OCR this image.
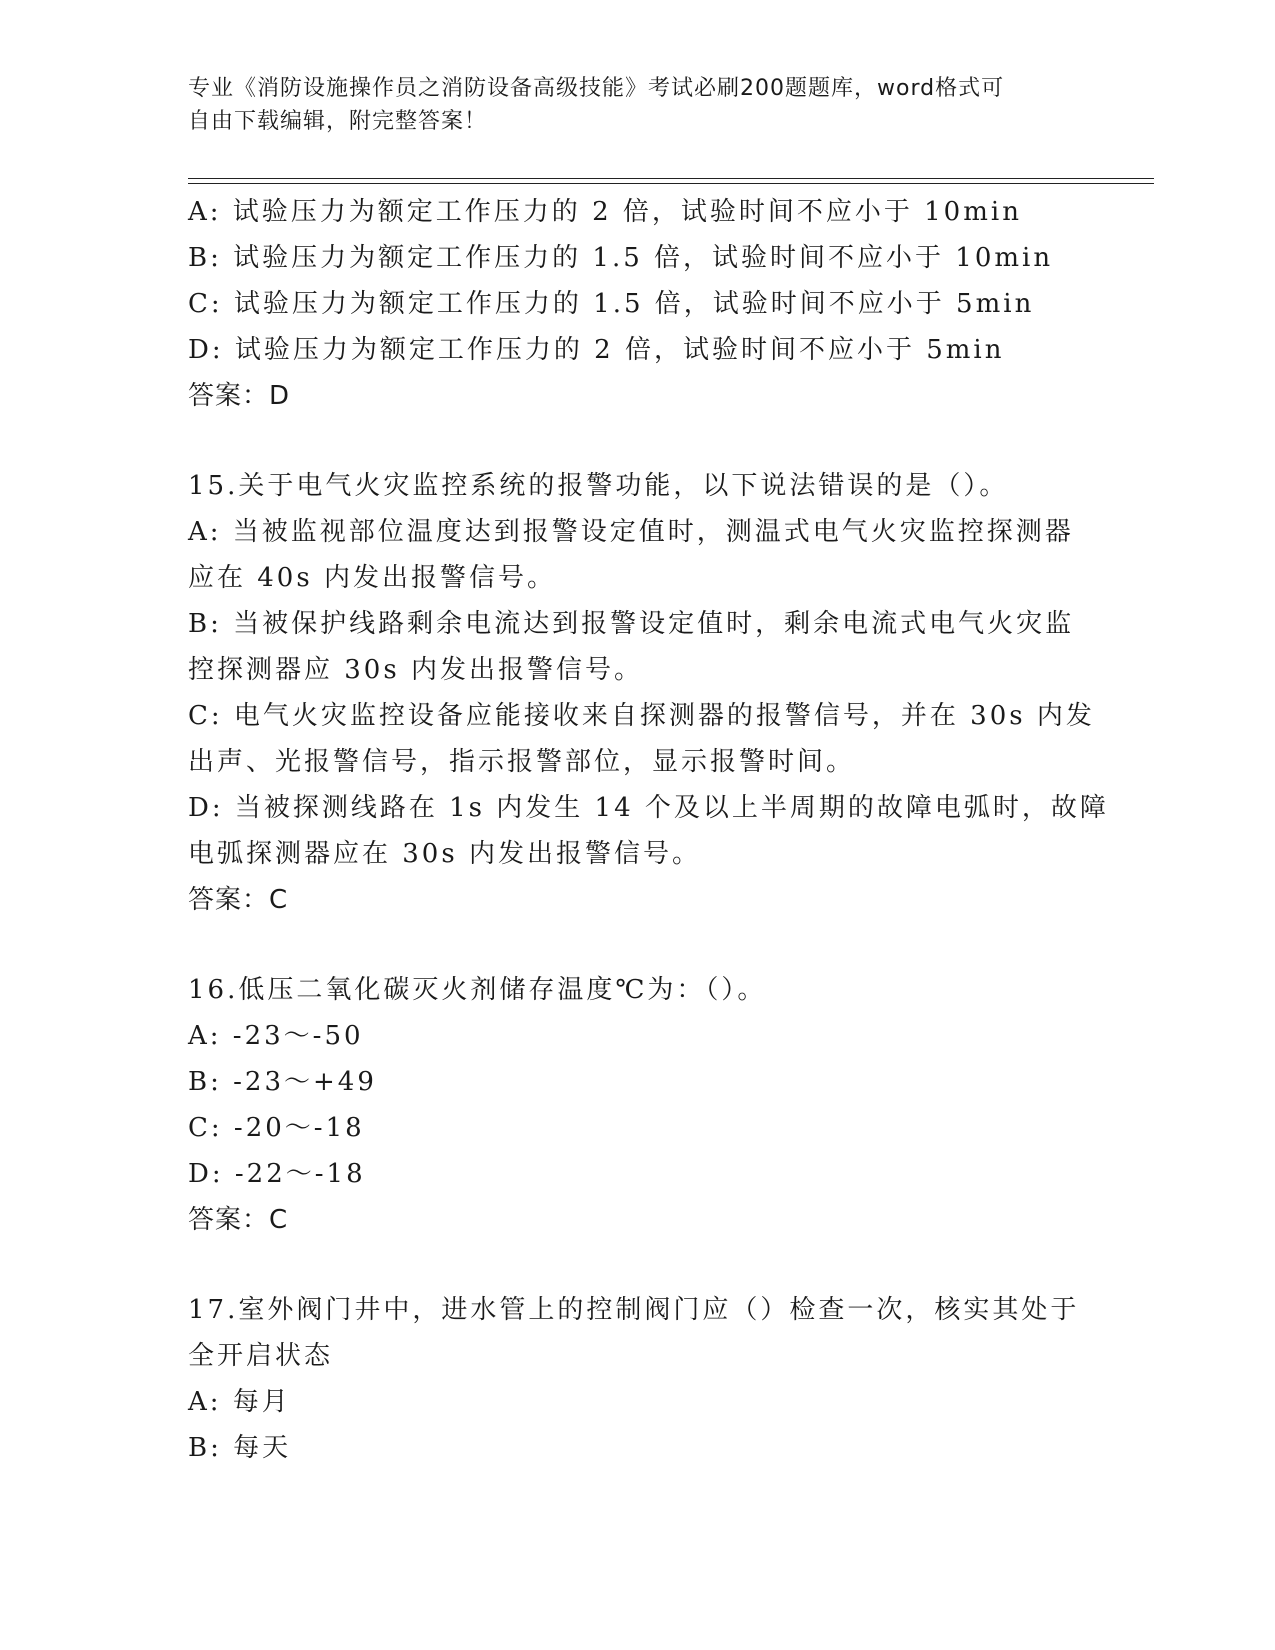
专业《消防设施操作员之消防设备高级技能》考试必刷200题题库，word格式可
自由下载编辑，附完整答案！

A: 试验压力为额定工作压力的 2 倍，试验时间不应小于 10min

B: 试验压力为额定工作压力的 1.5 倍，试验时间不应小于 10min

C: 试验压力为额定工作压力的 1.5 倍，试验时间不应小于 5min

D: 试验压力为额定工作压力的 2 倍，试验时间不应小于 5min

答案：D

15.关于电气火灾监控系统的报警功能，以下说法错误的是（）。

A: 当被监视部位温度达到报警设定值时，测温式电气火灾监控探测器

应在 40s 内发出报警信号。

B: 当被保护线路剩余电流达到报警设定值时，剩余电流式电气火灾监

控探测器应 30s 内发出报警信号。

C: 电气火灾监控设备应能接收来自探测器的报警信号，并在 30s 内发

出声、光报警信号，指示报警部位，显示报警时间。

D: 当被探测线路在 1s 内发生 14 个及以上半周期的故障电弧时，故障

电弧探测器应在 30s 内发出报警信号。

答案：C

16.低压二氧化碳灭火剂储存温度℃为：（）。

A: -23～-50

B: -23～+49

C: -20～-18

D: -22～-18

答案：C

17.室外阀门井中，进水管上的控制阀门应（）检查一次，核实其处于

全开启状态

A: 每月

B: 每天
